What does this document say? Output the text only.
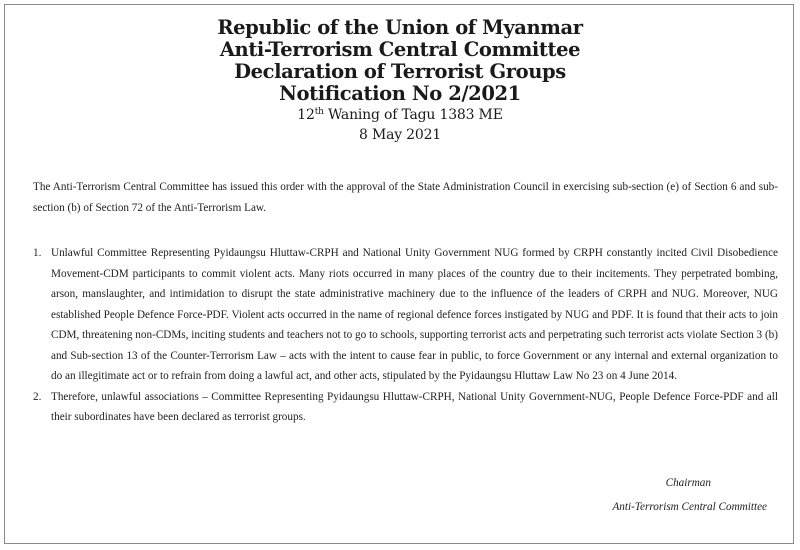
Republic of the Union of Myanmar
Anti-Terrorism Central Committee
Declaration of Terrorist Groups
Notification No 2/2021
12th Waning of Tagu 1383 ME
8 May 2021
The Anti-Terrorism Central Committee has issued this order with the approval of the State Administration Council in exercising sub-section (e) of Section 6 and sub-section (b) of Section 72 of the Anti-Terrorism Law.
1. Unlawful Committee Representing Pyidaungsu Hluttaw-CRPH and National Unity Government NUG formed by CRPH constantly incited Civil Disobedience Movement-CDM participants to commit violent acts. Many riots occurred in many places of the country due to their incitements. They perpetrated bombing, arson, manslaughter, and intimidation to disrupt the state administrative machinery due to the influence of the leaders of CRPH and NUG. Moreover, NUG established People Defence Force-PDF. Violent acts occurred in the name of regional defence forces instigated by NUG and PDF. It is found that their acts to join CDM, threatening non-CDMs, inciting students and teachers not to go to schools, supporting terrorist acts and perpetrating such terrorist acts violate Section 3 (b) and Sub-section 13 of the Counter-Terrorism Law – acts with the intent to cause fear in public, to force Government or any internal and external organization to do an illegitimate act or to refrain from doing a lawful act, and other acts, stipulated by the Pyidaungsu Hluttaw Law No 23 on 4 June 2014.
2. Therefore, unlawful associations – Committee Representing Pyidaungsu Hluttaw-CRPH, National Unity Government-NUG, People Defence Force-PDF and all their subordinates have been declared as terrorist groups.
Chairman
Anti-Terrorism Central Committee
